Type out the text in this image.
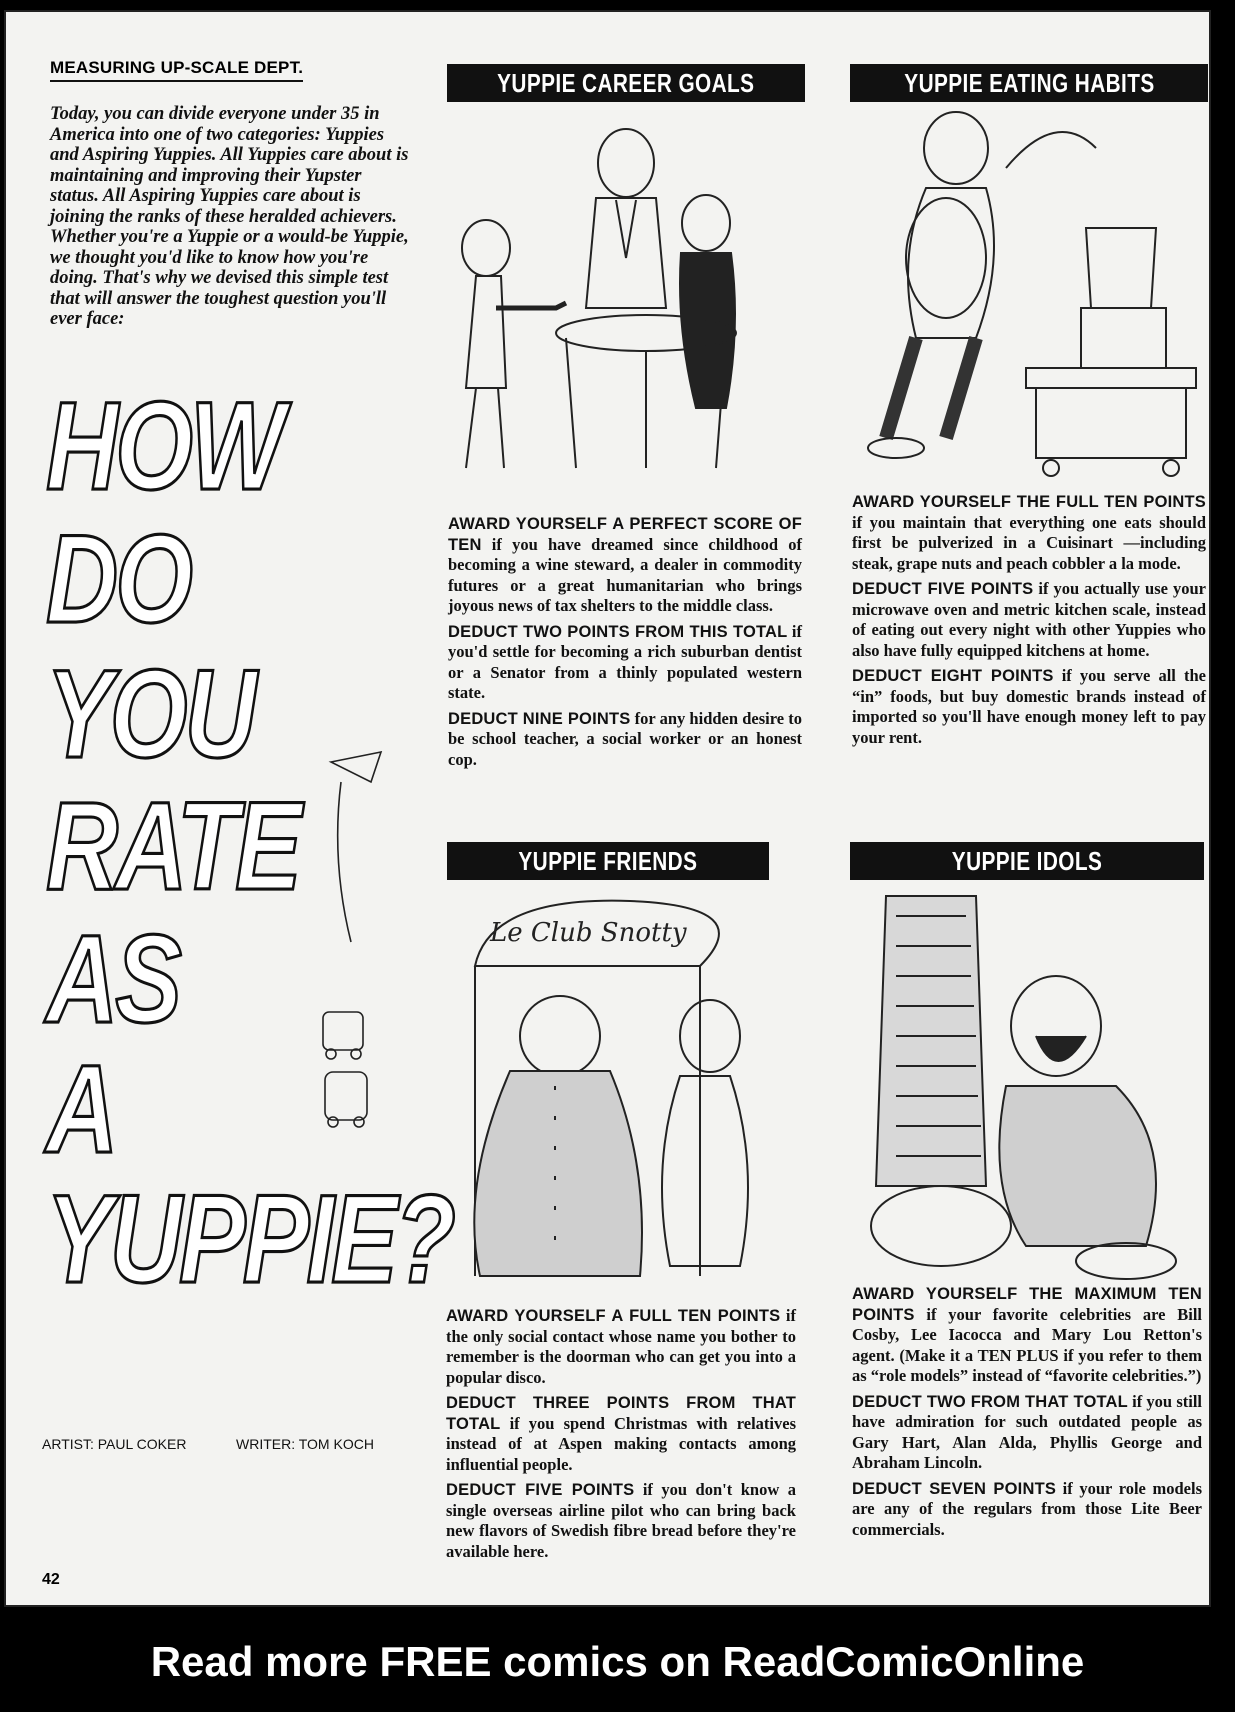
MEASURING UP-SCALE DEPT.

Today, you can divide everyone under 35 in America into one of two categories: Yuppies and Aspiring Yuppies. All Yuppies care about is maintaining and improving their Yupster status. All Aspiring Yuppies care about is joining the ranks of these heralded achievers. Whether you're a Yuppie or a would-be Yuppie, we thought you'd like to know how you're doing. That's why we devised this simple test that will answer the toughest question you'll ever face:

HOW
DO
YOU
RATE
AS
A
YUPPIE?
ARTIST: PAUL COKER	WRITER: TOM KOCH
42
YUPPIE CAREER GOALS

AWARD YOURSELF A PERFECT SCORE OF TEN if you have dreamed since childhood of becoming a wine steward, a dealer in commodity futures or a great humanitarian who brings joyous news of tax shelters to the middle class.

DEDUCT TWO POINTS FROM THIS TOTAL if you'd settle for becoming a rich suburban dentist or a Senator from a thinly populated western state.

DEDUCT NINE POINTS for any hidden desire to be school teacher, a social worker or an honest cop.

YUPPIE EATING HABITS

AWARD YOURSELF THE FULL TEN POINTS if you maintain that everything one eats should first be pulverized in a Cuisinart —including steak, grape nuts and peach cobbler a la mode.

DEDUCT FIVE POINTS if you actually use your microwave oven and metric kitchen scale, instead of eating out every night with other Yuppies who also have fully equipped kitchens at home.

DEDUCT EIGHT POINTS if you serve all the “in” foods, but buy domestic brands instead of imported so you'll have enough money left to pay your rent.

YUPPIE FRIENDS
Le Club Snotty

AWARD YOURSELF A FULL TEN POINTS if the only social contact whose name you bother to remember is the doorman who can get you into a popular disco.

DEDUCT THREE POINTS FROM THAT TOTAL if you spend Christmas with relatives instead of at Aspen making contacts among influential people.

DEDUCT FIVE POINTS if you don't know a single overseas airline pilot who can bring back new flavors of Swedish fibre bread before they're available here.

YUPPIE IDOLS

AWARD YOURSELF THE MAXIMUM TEN POINTS if your favorite celebrities are Bill Cosby, Lee Iacocca and Mary Lou Retton's agent. (Make it a TEN PLUS if you refer to them as “role models” instead of “favorite celebrities.”)

DEDUCT TWO FROM THAT TOTAL if you still have admiration for such outdated people as Gary Hart, Alan Alda, Phyllis George and Abraham Lincoln.

DEDUCT SEVEN POINTS if your role models are any of the regulars from those Lite Beer commercials.

Read more FREE comics on ReadComicOnline
